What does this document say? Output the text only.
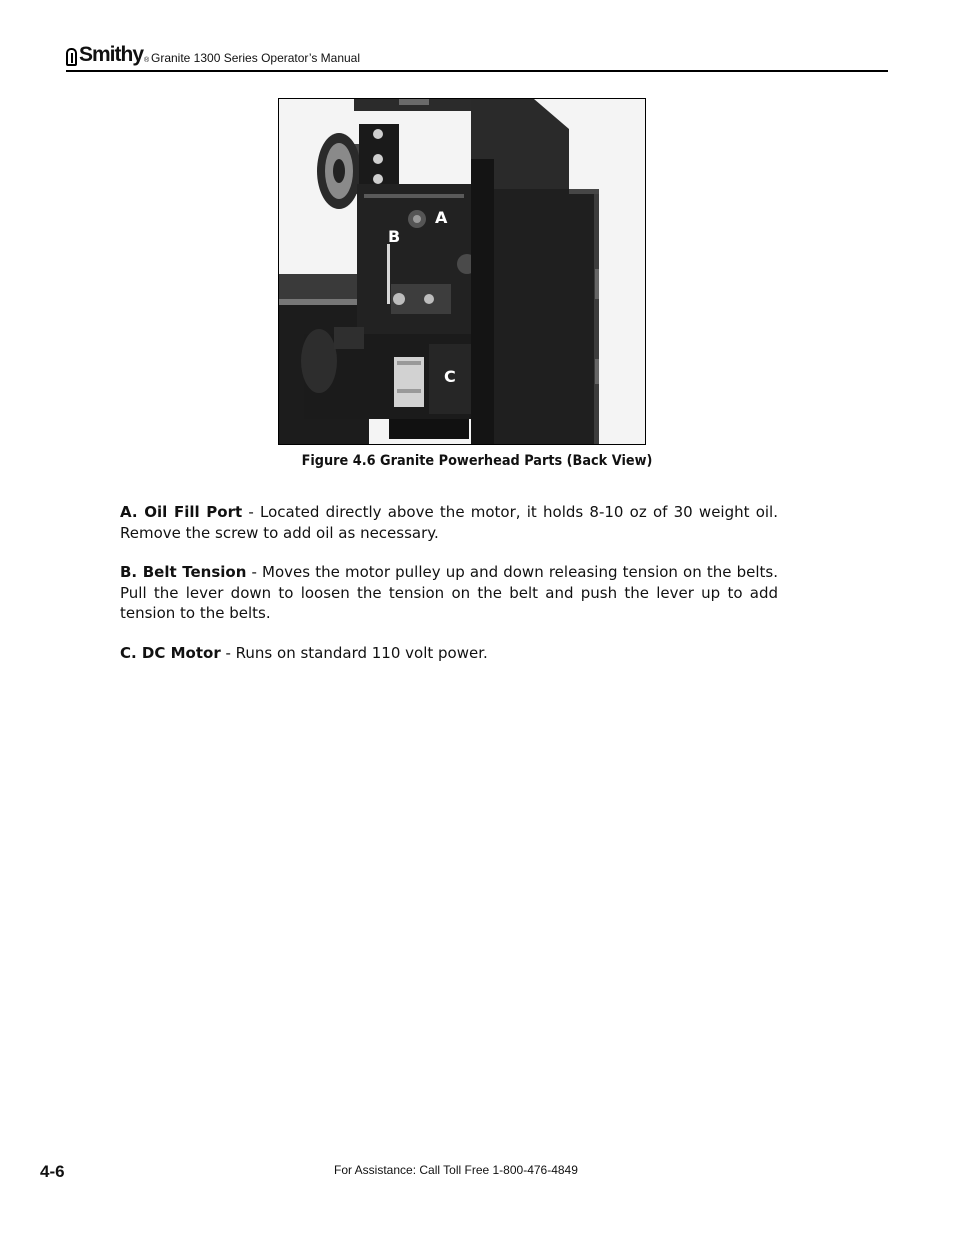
Smithy ® Granite 1300 Series Operator’s Manual
A
B
C
Figure 4.6 Granite Powerhead Parts (Back View)
A. Oil Fill Port - Located directly above the motor, it holds 8-10 oz of 30 weight oil. Remove the screw to add oil as necessary.
B. Belt Tension - Moves the motor pulley up and down releasing tension on the belts. Pull the lever down to loosen the tension on the belt and push the lever up to add tension to the belts.
C. DC Motor - Runs on standard 110 volt power.
4-6	For Assistance: Call Toll Free 1-800-476-4849
